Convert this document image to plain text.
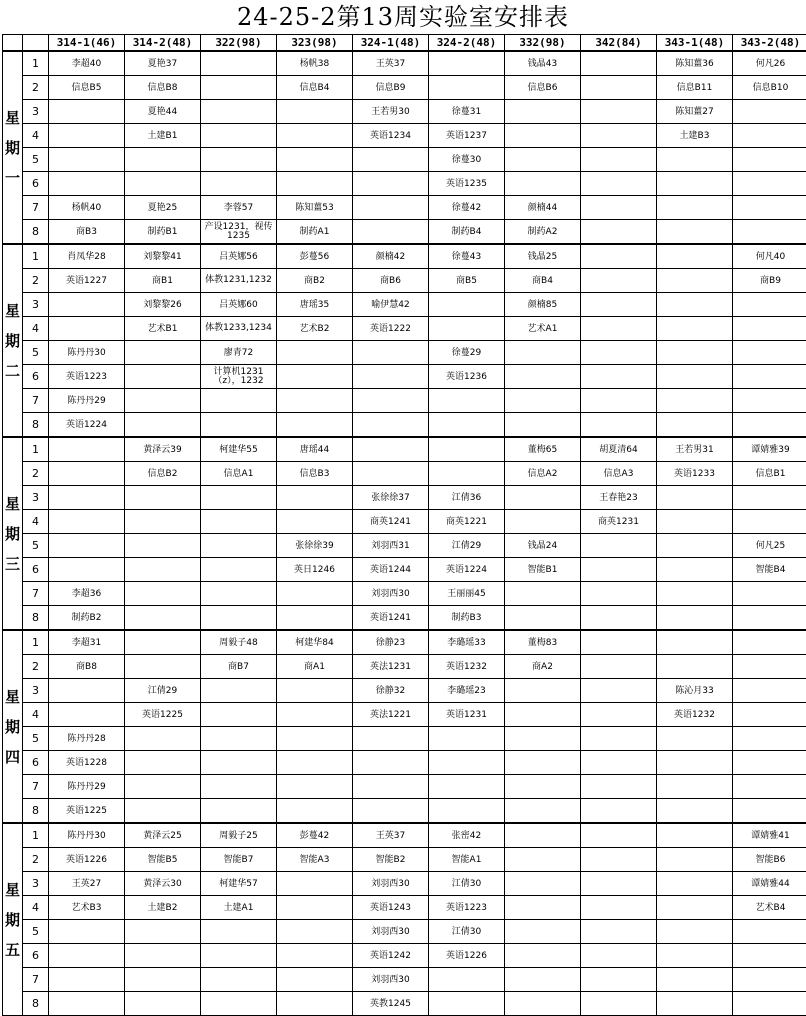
24-25-2第13周实验室安排表
		314-1(46)	314-2(48)	322(98)	323(98)	324-1(48)	324-2(48)	332(98)	342(84)	343-1(48)	343-2(48)

星
期
一	1	李超40	夏艳37		杨帆38	王英37		钱晶43		陈知薑36	何凡26
	2	信息B5	信息B8		信息B4	信息B9		信息B6		信息B11	信息B10
	3		夏艳44			王若男30	徐蔓31			陈知薑27	
	4		土建B1			英语1234	英语1237			土建B3	
	5						徐蔓30				
	6						英语1235				
	7	杨帆40	夏艳25	李蓉57	陈知薑53		徐蔓42	颜楠44			
	8	商B3	制药B1	产设1231，视传1235	制药A1		制药B4	制药A2			

星
期
二	1	肖凤华28	刘黎黎41	吕英娜56	彭蔓56	颜楠42	徐蔓43	钱晶25			何凡40
	2	英语1227	商B1	体教1231,1232	商B2	商B6	商B5	商B4			商B9
	3		刘黎黎26	吕英娜60	唐瑶35	喻伊慧42		颜楠85			
	4		艺术B1	体教1233,1234	艺术B2	英语1222		艺术A1			
	5	陈丹丹30		廖青72			徐蔓29				
	6	英语1223		计算机1231（z），1232			英语1236				
	7	陈丹丹29									
	8	英语1224									

星
期
三	1		黄泽云39	柯建华55	唐瑶44			董梅65	胡夏清64	王若男31	谭婧雅39
	2		信息B2	信息A1	信息B3			信息A2	信息A3	英语1233	信息B1
	3					张徐徐37	江倩36		王春艳23		
	4					商英1241	商英1221		商英1231		
	5				张徐徐39	刘羽西31	江倩29	钱晶24			何凡25
	6				英日1246	英语1244	英语1224	智能B1			智能B4
	7	李超36				刘羽西30	王丽丽45				
	8	制药B2				英语1241	制药B3				

星
期
四	1	李超31		周毅子48	柯建华84	徐静23	李璐瑶33	董梅83			
	2	商B8		商B7	商A1	英法1231	英语1232	商A2			
	3		江倩29			徐静32	李璐瑶23			陈沁月33	
	4		英语1225			英法1221	英语1231			英语1232	
	5	陈丹丹28									
	6	英语1228									
	7	陈丹丹29									
	8	英语1225									

星
期
五	1	陈丹丹30	黄泽云25	周毅子25	彭蔓42	王英37	张密42				谭婧雅41
	2	英语1226	智能B5	智能B7	智能A3	智能B2	智能A1				智能B6
	3	王英27	黄泽云30	柯建华57		刘羽西30	江倩30				谭婧雅44
	4	艺术B3	土建B2	土建A1		英语1243	英语1223				艺术B4
	5					刘羽西30	江倩30				
	6					英语1242	英语1226				
	7					刘羽西30					
	8					英教1245					
